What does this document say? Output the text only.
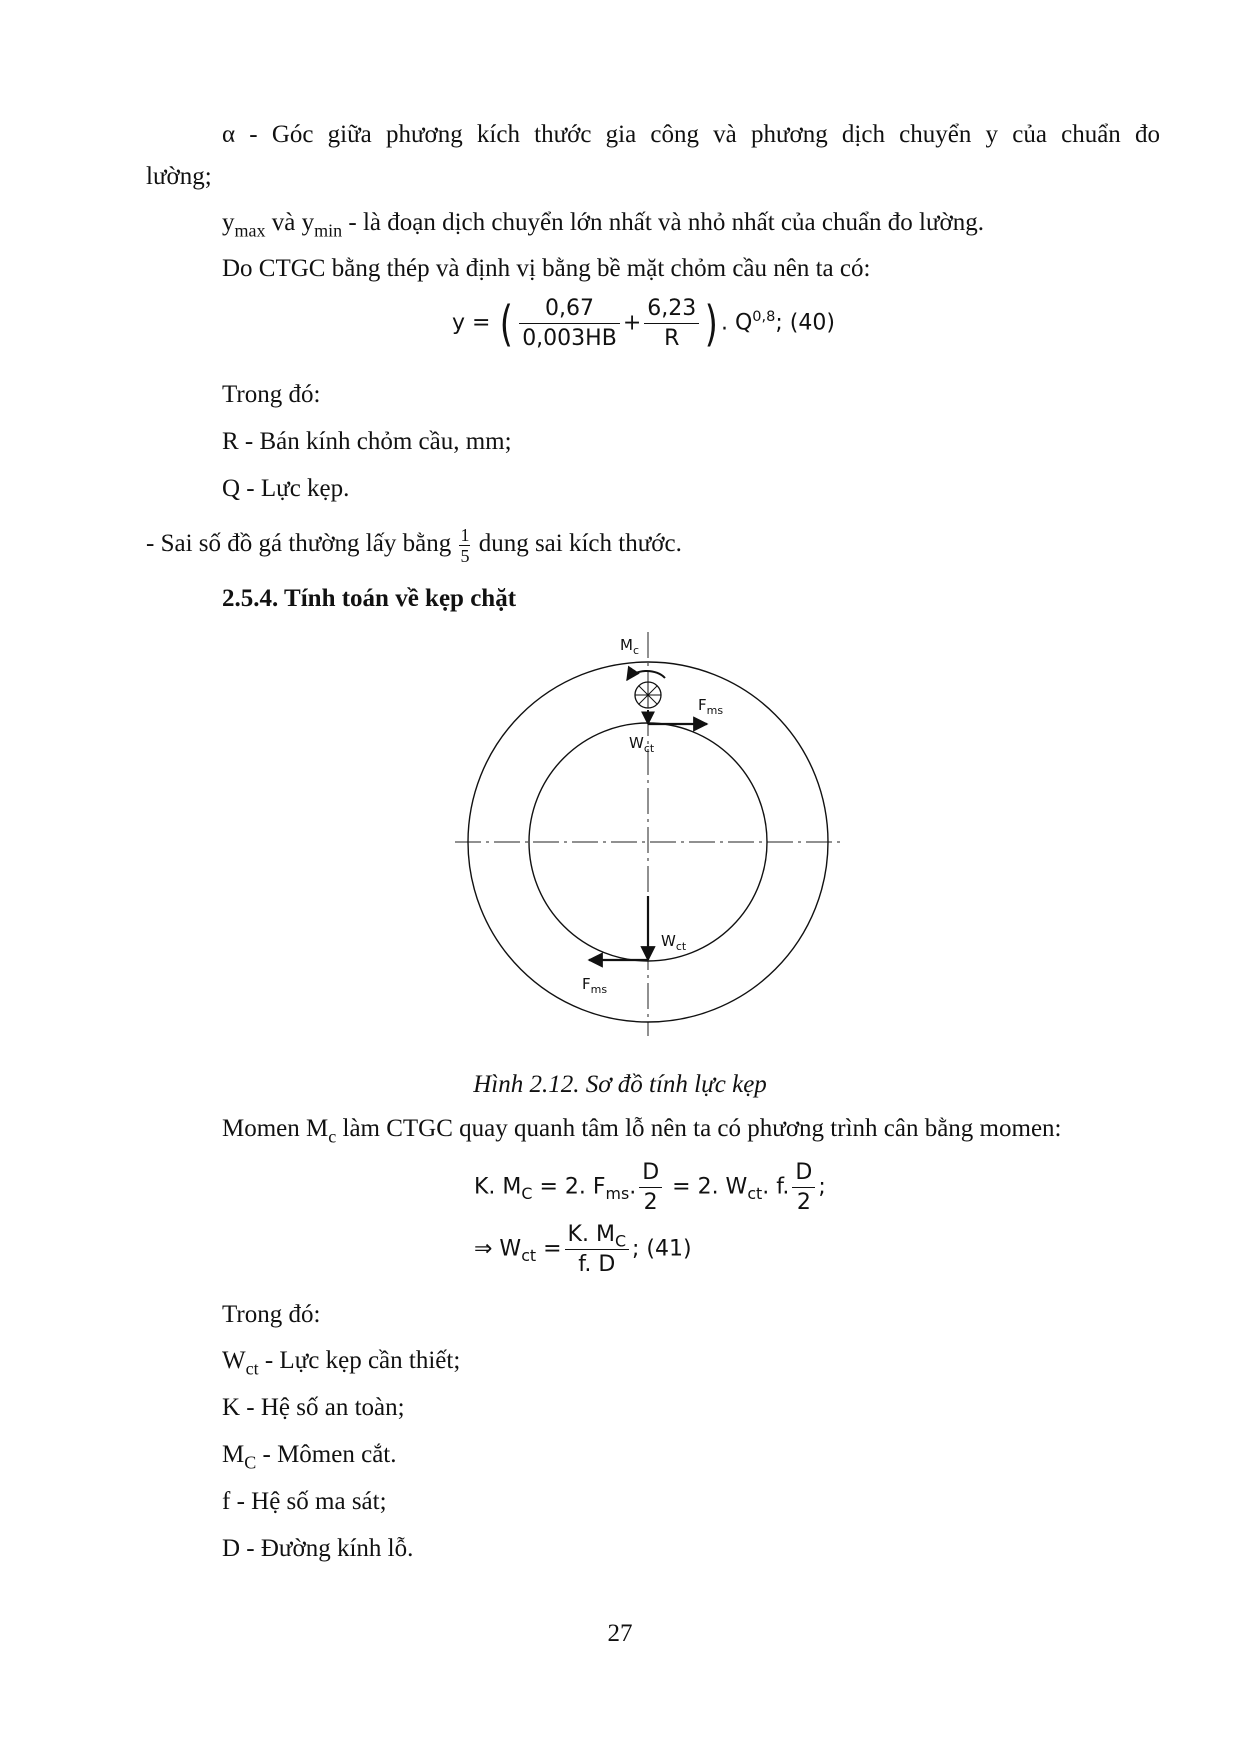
α - Góc giữa phương kích thước gia công và phương dịch chuyển y của chuẩn đo
lường;
$y_{max}$ và $y_{min}$ - là đoạn dịch chuyển lớn nhất và nhỏ nhất của chuẩn đo lường.
Do CTGC bằng thép và định vị bằng bề mặt chỏm cầu nên ta có:
y = ( $\frac{0,67}{0,003HB} + \frac{6,23}{R}$ ) . Q$^{0,8}$; (40)
Trong đó:
R - Bán kính chỏm cầu, mm;
Q - Lực kẹp.
- Sai số đồ gá thường lấy bằng $\frac{1}{5}$ dung sai kích thước.
2.5.4. Tính toán về kẹp chặt
$M_c$
$F_{ms}$
$W_{ct}$
$W_{ct}$
$F_{ms}$
Hình 2.12. Sơ đồ tính lực kẹp
Momen $M_c$ làm CTGC quay quanh tâm lỗ nên ta có phương trình cân bằng momen:
K. $M_C = 2$. $F_{ms}$. $\frac{D}{2} = 2$. $W_{ct}$. f. $\frac{D}{2}$ ;
⇒ $W_{ct} = \frac{K. M_C}{f. D}$ ; (41)
Trong đó:
$W_{ct}$ - Lực kẹp cần thiết;
K - Hệ số an toàn;
$M_C$ - Mômen cắt.
f - Hệ số ma sát;
D - Đường kính lỗ.
27
